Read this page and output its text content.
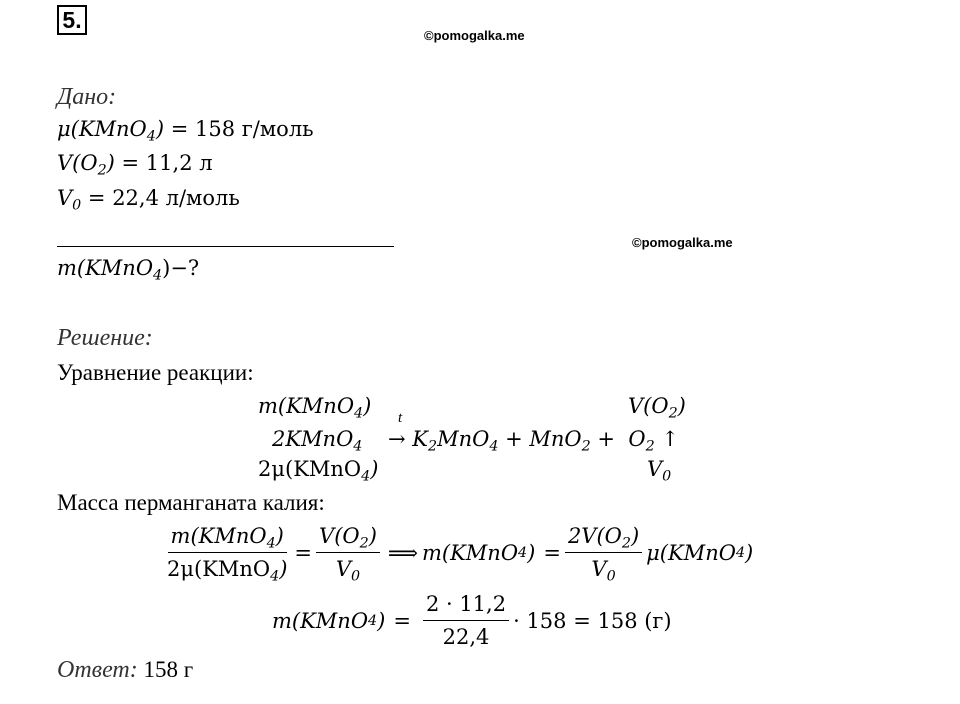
5.
©pomogalka.me
Дано:
μ(KMnO$_4$) = 158 г/моль
$V(O_2) = 11,2$ л
$V_0 = 22,4$ л/моль
©pomogalka.me
m(KMnO$_4$)−?
Решение:
Уравнение реакции:
m(KMnO$_4$)	$V(O_2)$
t
2KMnO$_4$ → $K_2MnO_4 + MnO_2 + O_2$ ↑
2μ(KMnO$_4$)	$V_0$
Масса перманганата калия:
$\frac{m(KMnO_4)}{2\mu(KMnO_4)} = \frac{V(O_2)}{V_0}$ ⟹ m(KMnO 4 ) = $\frac{2V(O_2)}{V_0}$ μ(KMnO 4 )
m(KMnO 4 ) = $\frac{2 \cdot 11,2}{22,4} \cdot 158 = 158$ (г)
Ответ: 158 г
